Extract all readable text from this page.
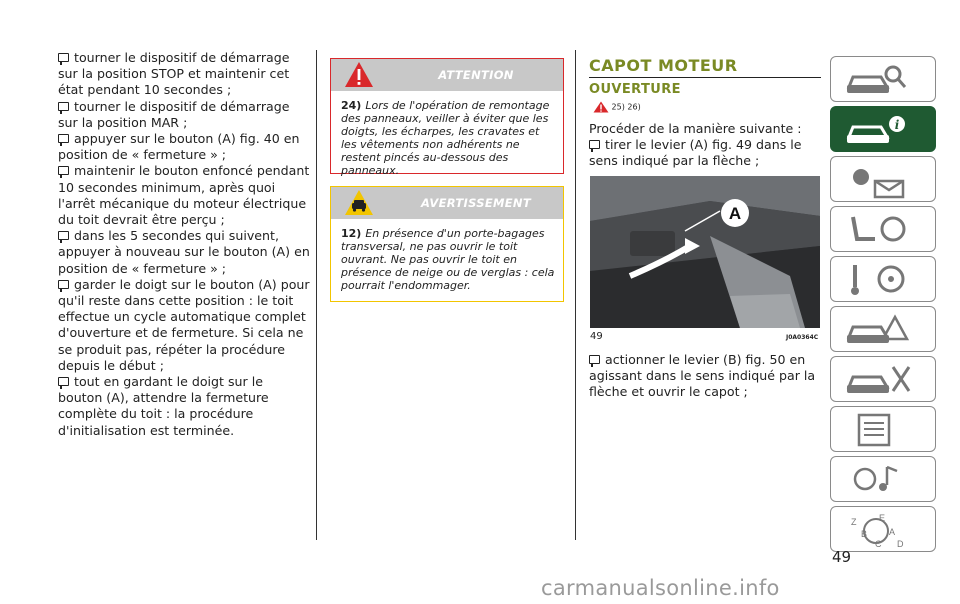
tourner le dispositif de démarrage sur la position STOP et maintenir cet état pendant 10 secondes ;

tourner le dispositif de démarrage sur la position MAR ;

appuyer sur le bouton (A) fig. 40 en position de « fermeture » ;

maintenir le bouton enfoncé pendant 10 secondes minimum, après quoi l'arrêt mécanique du moteur électrique du toit devrait être perçu ;

dans les 5 secondes qui suivent, appuyer à nouveau sur le bouton (A) en position de « fermeture » ;

garder le doigt sur le bouton (A) pour qu'il reste dans cette position : le toit effectue un cycle automatique complet d'ouverture et de fermeture. Si cela ne se produit pas, répéter la procédure depuis le début ;

tout en gardant le doigt sur le bouton (A), attendre la fermeture complète du toit : la procédure d'initialisation est terminée.

ATTENTION
24) Lors de l'opération de remontage des panneaux, veiller à éviter que les doigts, les écharpes, les cravates et les vêtements non adhérents ne restent pincés au-dessous des panneaux.
AVERTISSEMENT
12) En présence d'un porte-bagages transversal, ne pas ouvrir le toit ouvrant. Ne pas ouvrir le toit en présence de neige ou de verglas : cela pourrait l'endommager.
CAPOT MOTEUR
OUVERTURE
25) 26)
Procéder de la manière suivante :
tirer le levier (A) fig. 49 dans le sens indiqué par la flèche ;
A
49	J0A0364C
actionner le levier (B) fig. 50 en agissant dans le sens indiqué par la flèche et ouvrir le capot ;
i
Z
B
C
E
A
D
49
carmanualsonline.info
